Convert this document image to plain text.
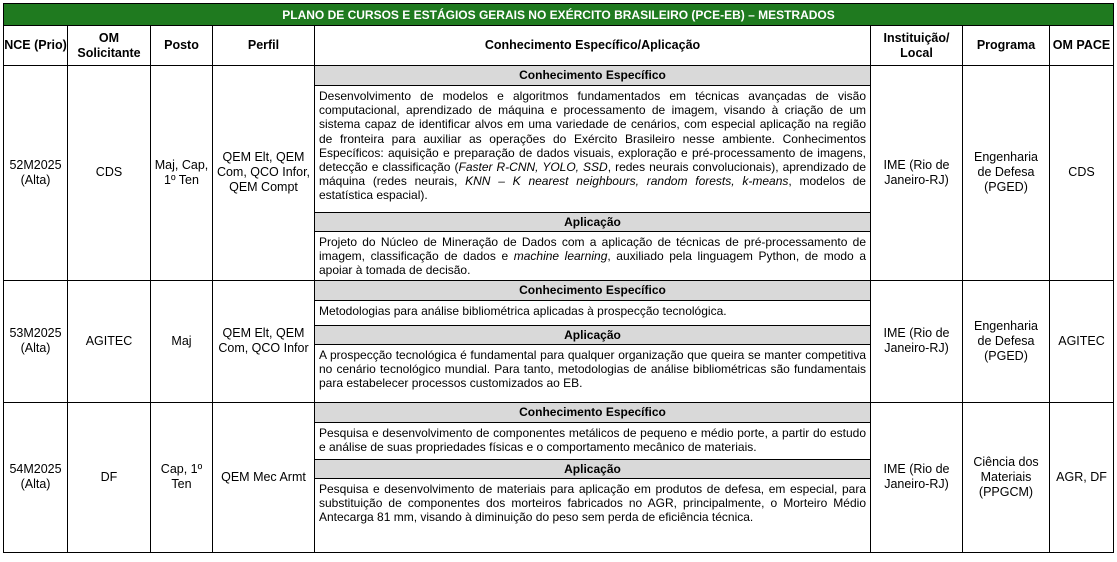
PLANO DE CURSOS E ESTÁGIOS GERAIS NO EXÉRCITO BRASILEIRO (PCE-EB) – MESTRADOS							
NCE (Prio)	OM Solicitante	Posto	Perfil	Conhecimento Específico/Aplicação	Instituição/ Local	Programa	OM PACE
52M2025 (Alta)	CDS	Maj, Cap, 1º Ten	QEM Elt, QEM Com, QCO Infor, QEM Compt	Conhecimento Específico
Desenvolvimento de modelos e algoritmos fundamentados em técnicas avançadas de visão computacional, aprendizado de máquina e processamento de imagem, visando à criação de um sistema capaz de identificar alvos em uma variedade de cenários, com especial aplicação na região de fronteira para auxiliar as operações do Exército Brasileiro nesse ambiente. Conhecimentos Específicos: aquisição e preparação de dados visuais, exploração e pré-processamento de imagens, detecção e classificação (Faster R-CNN, YOLO, SSD, redes neurais convolucionais), aprendizado de máquina (redes neurais, KNN – K nearest neighbours, random forests, k-means, modelos de estatística espacial).
Aplicação
Projeto do Núcleo de Mineração de Dados com a aplicação de técnicas de pré-processamento de imagem, classificação de dados e machine learning, auxiliado pela linguagem Python, de modo a apoiar à tomada de decisão.	IME (Rio de Janeiro-RJ)	Engenharia de Defesa (PGED)	CDS
53M2025 (Alta)	AGITEC	Maj	QEM Elt, QEM Com, QCO Infor	Conhecimento Específico
Metodologias para análise bibliométrica aplicadas à prospecção tecnológica.
Aplicação
A prospecção tecnológica é fundamental para qualquer organização que queira se manter competitiva no cenário tecnológico mundial. Para tanto, metodologias de análise bibliométricas são fundamentais para estabelecer processos customizados ao EB.	IME (Rio de Janeiro-RJ)	Engenharia de Defesa (PGED)	AGITEC
54M2025 (Alta)	DF	Cap, 1º Ten	QEM Mec Armt	Conhecimento Específico
Pesquisa e desenvolvimento de componentes metálicos de pequeno e médio porte, a partir do estudo e análise de suas propriedades físicas e o comportamento mecânico de materiais.
Aplicação
Pesquisa e desenvolvimento de materiais para aplicação em produtos de defesa, em especial, para substituição de componentes dos morteiros fabricados no AGR, principalmente, o Morteiro Médio Antecarga 81 mm, visando à diminuição do peso sem perda de eficiência técnica.	IME (Rio de Janeiro-RJ)	Ciência dos Materiais (PPGCM)	AGR, DF
